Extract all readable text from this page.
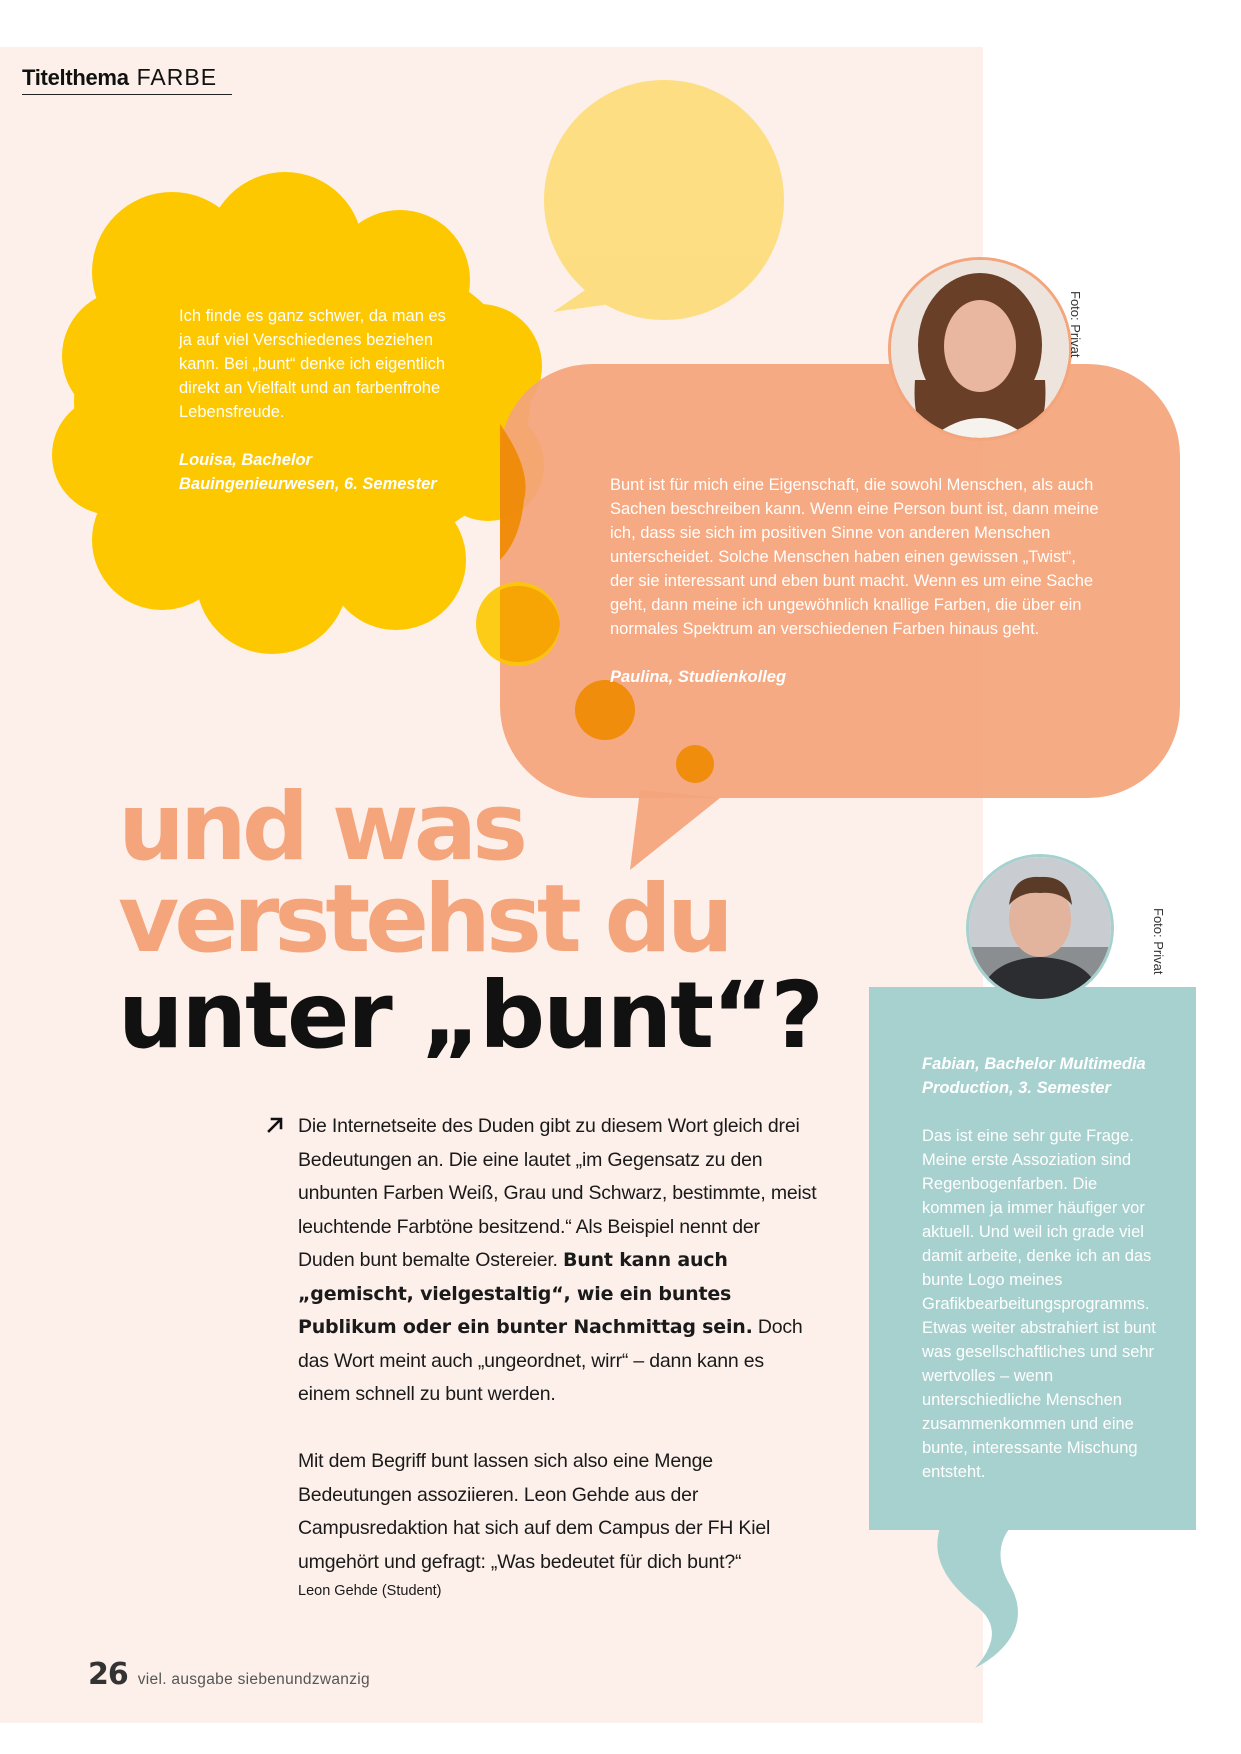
Titelthema FARBE
Ich finde es ganz schwer, da man es ja auf viel Verschiedenes beziehen kann. Bei „bunt“ denke ich eigentlich direkt an Vielfalt und an farbenfrohe Lebensfreude.
Louisa, Bachelor Bauingenieurwesen, 6. Semester	Bunt ist für mich eine Eigenschaft, die sowohl Menschen, als auch Sachen beschreiben kann. Wenn eine Person bunt ist, dann meine ich, dass sie sich im positiven Sinne von anderen Menschen unterscheidet. Solche Menschen haben einen gewissen „Twist“, der sie interessant und eben bunt macht. Wenn es um eine Sache geht, dann meine ich ungewöhnlich knallige Farben, die über ein normales Spektrum an verschiedenen Farben hinaus geht.
Paulina, Studienkolleg
Fabian, Bachelor Multimedia Production, 3. Semester
Das ist eine sehr gute Frage. Meine erste Assoziation sind Regenbogenfarben. Die kommen ja immer häufiger vor aktuell. Und weil ich grade viel damit arbeite, denke ich an das bunte Logo meines Grafikbearbeitungsprogramms. Etwas weiter abstrahiert ist bunt was gesellschaftliches und sehr wertvolles – wenn unterschiedliche Menschen zusammenkommen und eine bunte, interessante Mischung entsteht.
Foto: Privat
Foto: Privat
und was
verstehst du
unter „bunt“?

Die Internetseite des Duden gibt zu diesem Wort gleich drei Bedeutungen an. Die eine lautet „im Gegensatz zu den unbunten Farben Weiß, Grau und Schwarz, bestimmte, meist leuchtende Farbtöne besitzend.“ Als Beispiel nennt der Duden bunt bemalte Ostereier. Bunt kann auch „gemischt, vielgestaltig“, wie ein buntes Publikum oder ein bunter Nachmittag sein. Doch das Wort meint auch „ungeordnet, wirr“ – dann kann es einem schnell zu bunt werden.

Mit dem Begriff bunt lassen sich also eine Menge Bedeutungen assoziieren. Leon Gehde aus der Campusredaktion hat sich auf dem Campus der FH Kiel umgehört und gefragt: „Was bedeutet für dich bunt?“

Leon Gehde (Student)
26 viel. ausgabe siebenundzwanzig
